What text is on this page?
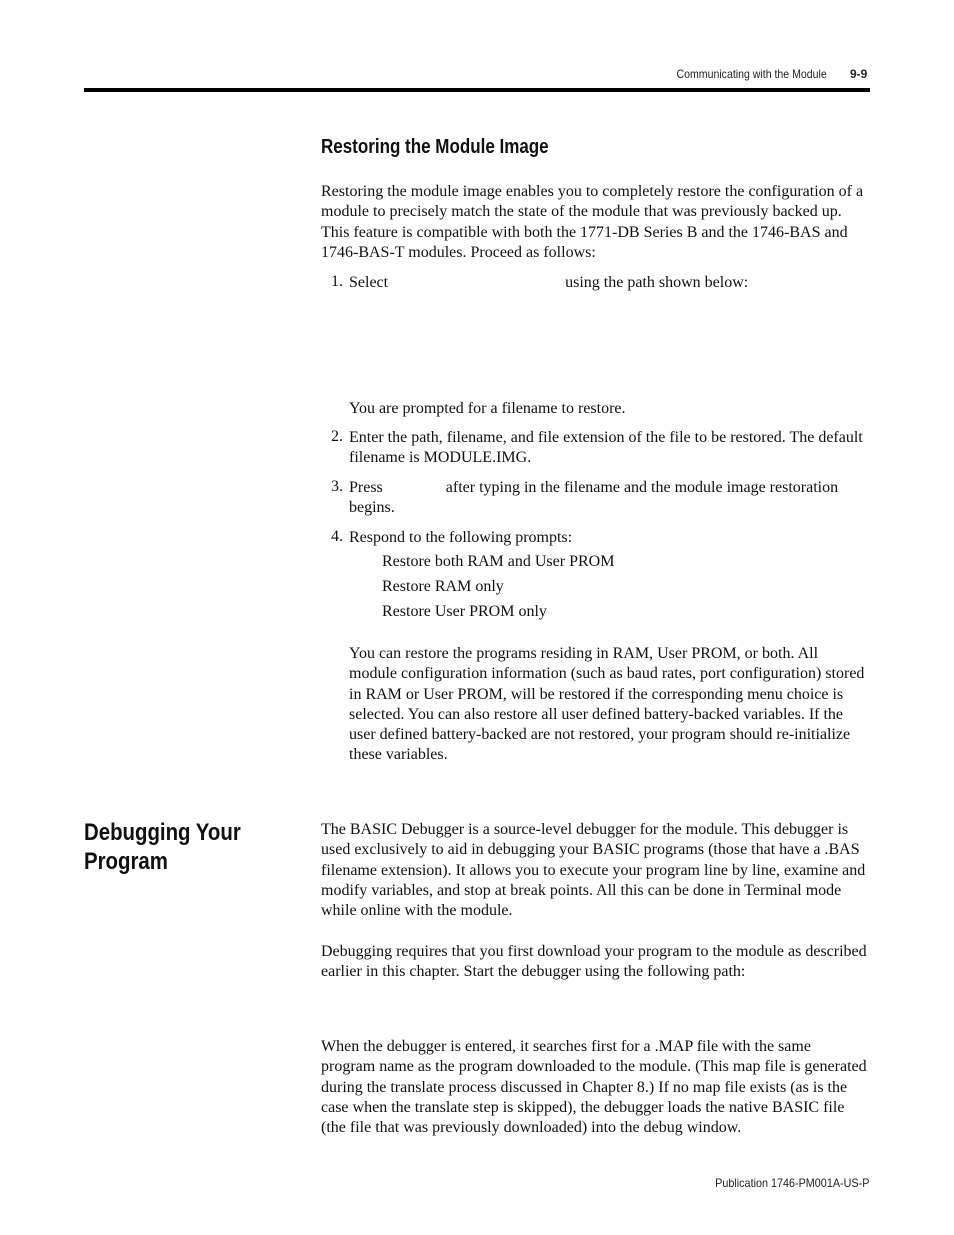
Communicating with the Module 9-9
Restoring the Module Image
Restoring the module image enables you to completely restore the configuration of a module to precisely match the state of the module that was previously backed up. This feature is compatible with both the 1771-DB Series B and the 1746-BAS and 1746-BAS-T modules. Proceed as follows:
1. Select	using the path shown below:
You are prompted for a filename to restore.
2. Enter the path, filename, and file extension of the file to be restored. The default filename is MODULE.IMG.
3. Press	after typing in the filename and the module image restoration begins.
4. Respond to the following prompts:
Restore both RAM and User PROM
Restore RAM only
Restore User PROM only
You can restore the programs residing in RAM, User PROM, or both. All module configuration information (such as baud rates, port configuration) stored in RAM or User PROM, will be restored if the corresponding menu choice is selected. You can also restore all user defined battery-backed variables. If the user defined battery-backed are not restored, your program should re-initialize these variables.
Debugging Your Program
The BASIC Debugger is a source-level debugger for the module. This debugger is used exclusively to aid in debugging your BASIC programs (those that have a .BAS filename extension). It allows you to execute your program line by line, examine and modify variables, and stop at break points. All this can be done in Terminal mode while online with the module.
Debugging requires that you first download your program to the module as described earlier in this chapter. Start the debugger using the following path:
When the debugger is entered, it searches first for a .MAP file with the same program name as the program downloaded to the module. (This map file is generated during the translate process discussed in Chapter 8.) If no map file exists (as is the case when the translate step is skipped), the debugger loads the native BASIC file (the file that was previously downloaded) into the debug window.
Publication 1746-PM001A-US-P
